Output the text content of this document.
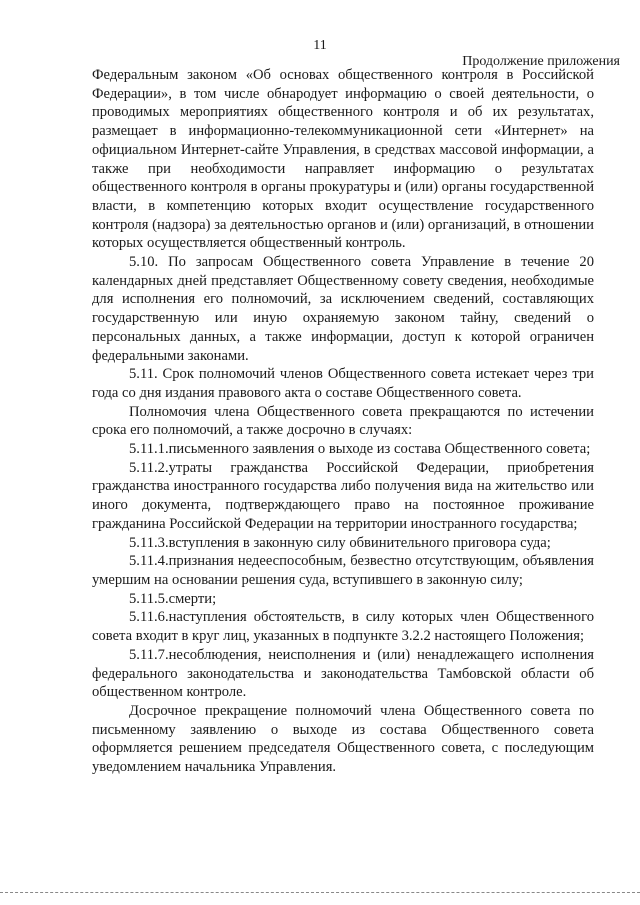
11
Продолжение приложения

Федеральным законом «Об основах общественного контроля в Российской Федерации», в том числе обнародует информацию о своей деятельности, о проводимых мероприятиях общественного контроля и об их результатах, размещает в информационно-телекоммуникационной сети «Интернет» на официальном Интернет-сайте Управления, в средствах массовой информации, а также при необходимости направляет информацию о результатах общественного контроля в органы прокуратуры и (или) органы государственной власти, в компетенцию которых входит осуществление государственного контроля (надзора) за деятельностью органов и (или) организаций, в отношении которых осуществляется общественный контроль.

5.10. По запросам Общественного совета Управление в течение 20 календарных дней представляет Общественному совету сведения, необходимые для исполнения его полномочий, за исключением сведений, составляющих государственную или иную охраняемую законом тайну, сведений о персональных данных, а также информации, доступ к которой ограничен федеральными законами.

5.11. Срок полномочий членов Общественного совета истекает через три года со дня издания правового акта о составе Общественного совета.

Полномочия члена Общественного совета прекращаются по истечении срока его полномочий, а также досрочно в случаях:

5.11.1.письменного заявления о выходе из состава Общественного совета;

5.11.2.утраты гражданства Российской Федерации, приобретения гражданства иностранного государства либо получения вида на жительство или иного документа, подтверждающего право на постоянное проживание гражданина Российской Федерации на территории иностранного государства;

5.11.3.вступления в законную силу обвинительного приговора суда;

5.11.4.признания недееспособным, безвестно отсутствующим, объявления умершим на основании решения суда, вступившего в законную силу;

5.11.5.смерти;

5.11.6.наступления обстоятельств, в силу которых член Общественного совета входит в круг лиц, указанных в подпункте 3.2.2 настоящего Положения;

5.11.7.несоблюдения, неисполнения и (или) ненадлежащего исполнения федерального законодательства и законодательства Тамбовской области об общественном контроле.

Досрочное прекращение полномочий члена Общественного совета по письменному заявлению о выходе из состава Общественного совета оформляется решением председателя Общественного совета, с последующим уведомлением начальника Управления.
